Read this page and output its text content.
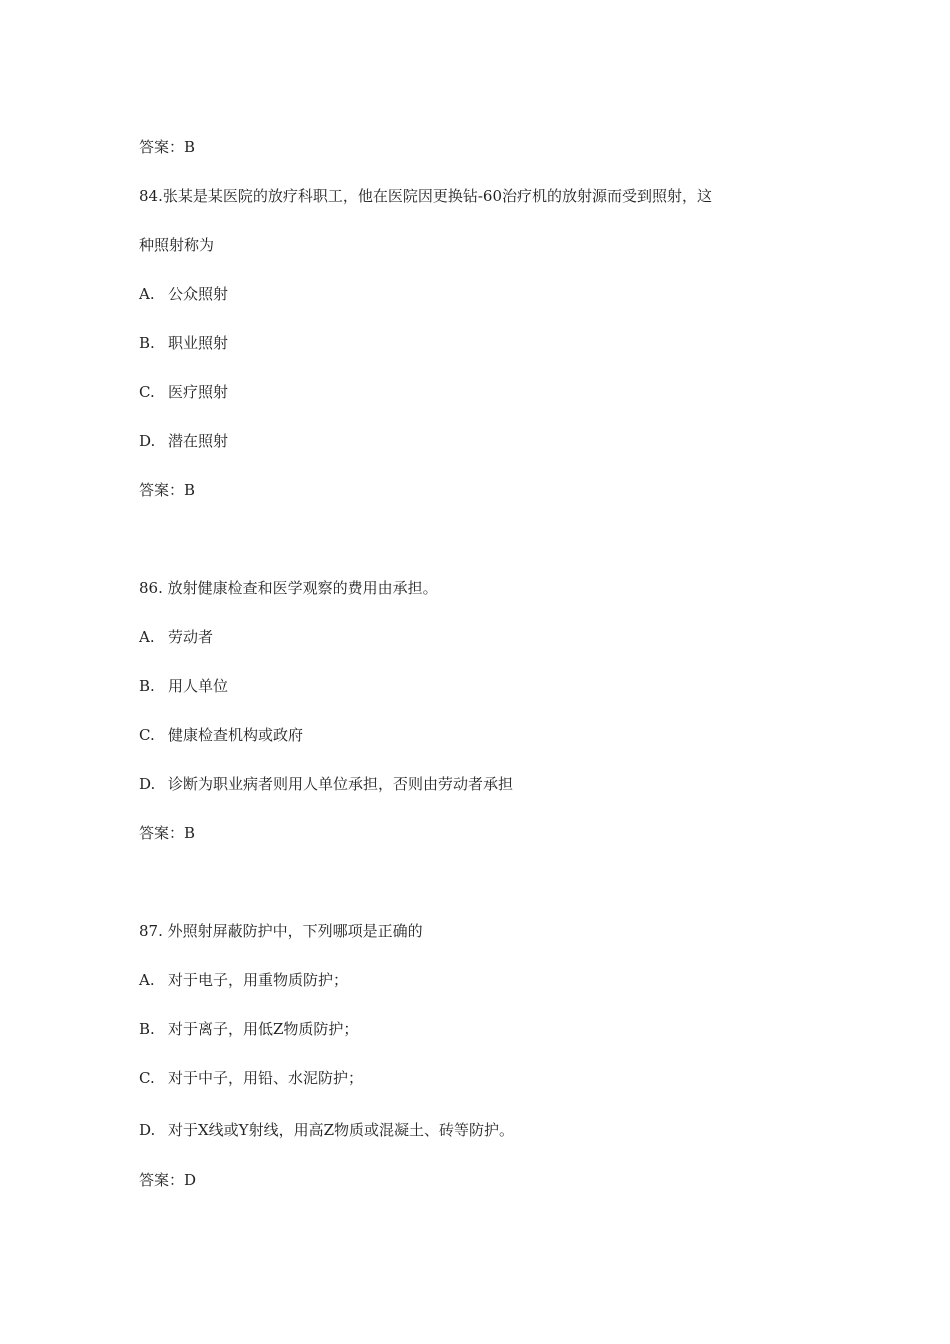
答案：B
84.张某是某医院的放疗科职工，他在医院因更换钻-60治疗机的放射源而受到照射，这
种照射称为
A. 公众照射
B. 职业照射
C. 医疗照射
D. 潜在照射
答案：B
86. 放射健康检查和医学观察的费用由承担。
A. 劳动者
B. 用人单位
C. 健康检查机构或政府
D. 诊断为职业病者则用人单位承担，否则由劳动者承担
答案：B
87. 外照射屏蔽防护中，下列哪项是正确的
A. 对于电子，用重物质防护；
B. 对于离子，用低Z物质防护；
C. 对于中子，用铅、水泥防护；
D. 对于X线或Y射线，用高Z物质或混凝土、砖等防护。
答案：D
